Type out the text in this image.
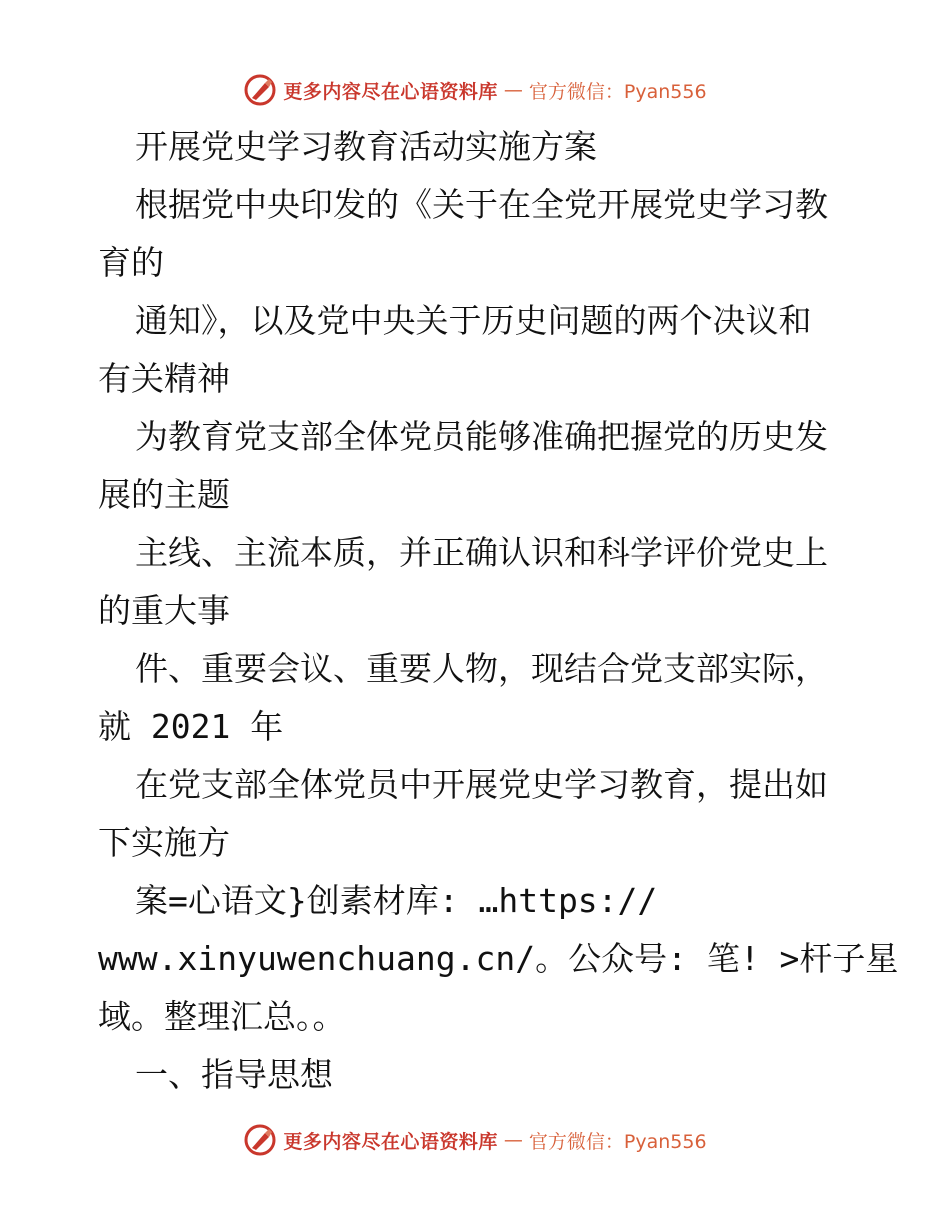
更多内容尽在心语资料库 — 官方微信：Pyan556
开展党史学习教育活动实施方案
根据党中央印发的《关于在全党开展党史学习教
育的
通知》，以及党中央关于历史问题的两个决议和
有关精神
为教育党支部全体党员能够准确把握党的历史发
展的主题
主线、主流本质，并正确认识和科学评价党史上
的重大事
件、重要会议、重要人物，现结合党支部实际，
就 2021 年
在党支部全体党员中开展党史学习教育，提出如
下实施方
案=心语文}创素材库: …https://
www.xinyuwenchuang.cn/。公众号: 笔! >杆子星
域。整理汇总。。
一、指导思想
更多内容尽在心语资料库 — 官方微信：Pyan556
